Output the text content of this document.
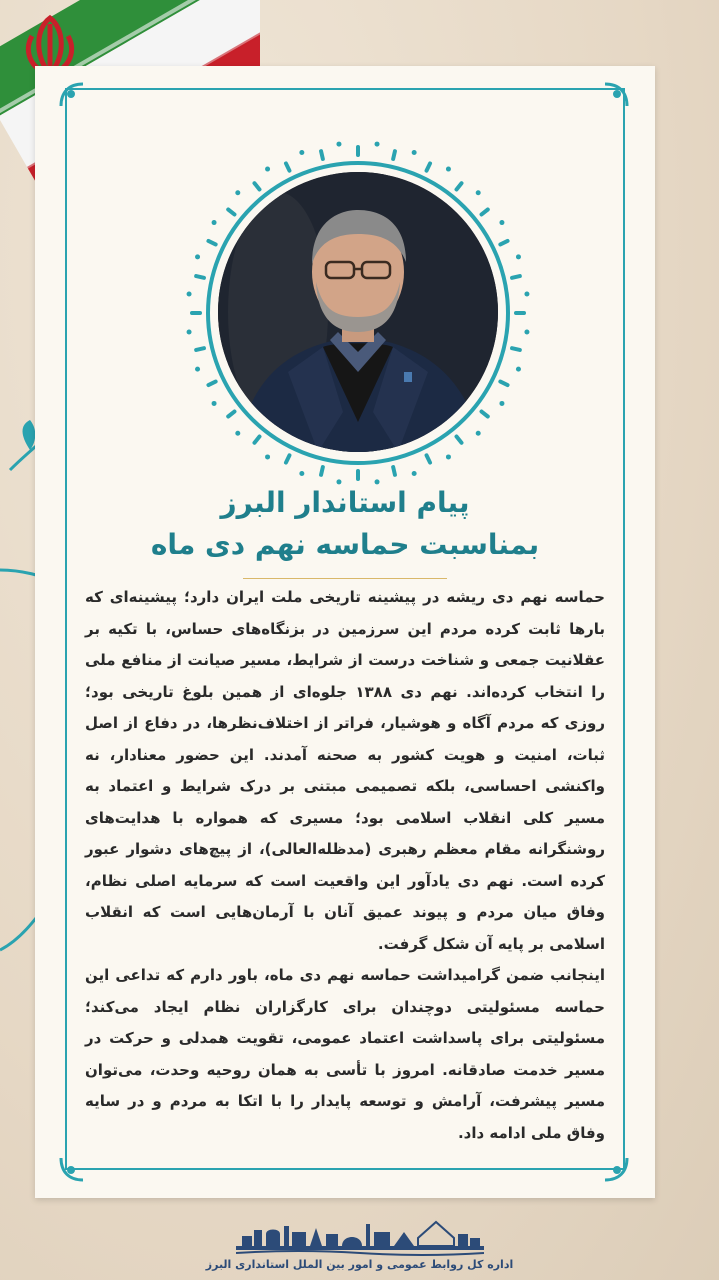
پیام استاندار البرز
بمناسبت حماسه نهم دی ماه

حماسه نهم دی ریشه در پیشینه تاریخی ملت ایران دارد؛ پیشینه‌ای که بارها ثابت کرده مردم این سرزمین در بزنگاه‌های حساس، با تکیه بر عقلانیت جمعی و شناخت درست از شرایط، مسیر صیانت از منافع ملی را انتخاب کرده‌اند. نهم دی ۱۳۸۸ جلوه‌ای از همین بلوغ تاریخی بود؛ روزی که مردم آگاه و هوشیار، فراتر از اختلاف‌نظرها، در دفاع از اصل ثبات، امنیت و هویت کشور به صحنه آمدند. این حضور معنادار، نه واکنشی احساسی، بلکه تصمیمی مبتنی بر درک شرایط و اعتماد به مسیر کلی انقلاب اسلامی بود؛ مسیری که همواره با هدایت‌های روشنگرانه مقام معظم رهبری (مدظله‌العالی)، از پیچ‌های دشوار عبور کرده است. نهم دی یادآور این واقعیت است که سرمایه اصلی نظام، وفاق میان مردم و پیوند عمیق آنان با آرمان‌هایی است که انقلاب اسلامی بر پایه آن شکل گرفت.

اینجانب ضمن گرامیداشت حماسه نهم دی ماه، باور دارم که تداعی این حماسه مسئولیتی دوچندان برای کارگزاران نظام ایجاد می‌کند؛ مسئولیتی برای پاسداشت اعتماد عمومی، تقویت همدلی و حرکت در مسیر خدمت صادقانه. امروز با تأسی به همان روحیه وحدت، می‌توان مسیر پیشرفت، آرامش و توسعه پایدار را با اتکا به مردم و در سایه وفاق ملی ادامه داد.

اداره کل روابط عمومی و امور بین الملل استانداری البرز
